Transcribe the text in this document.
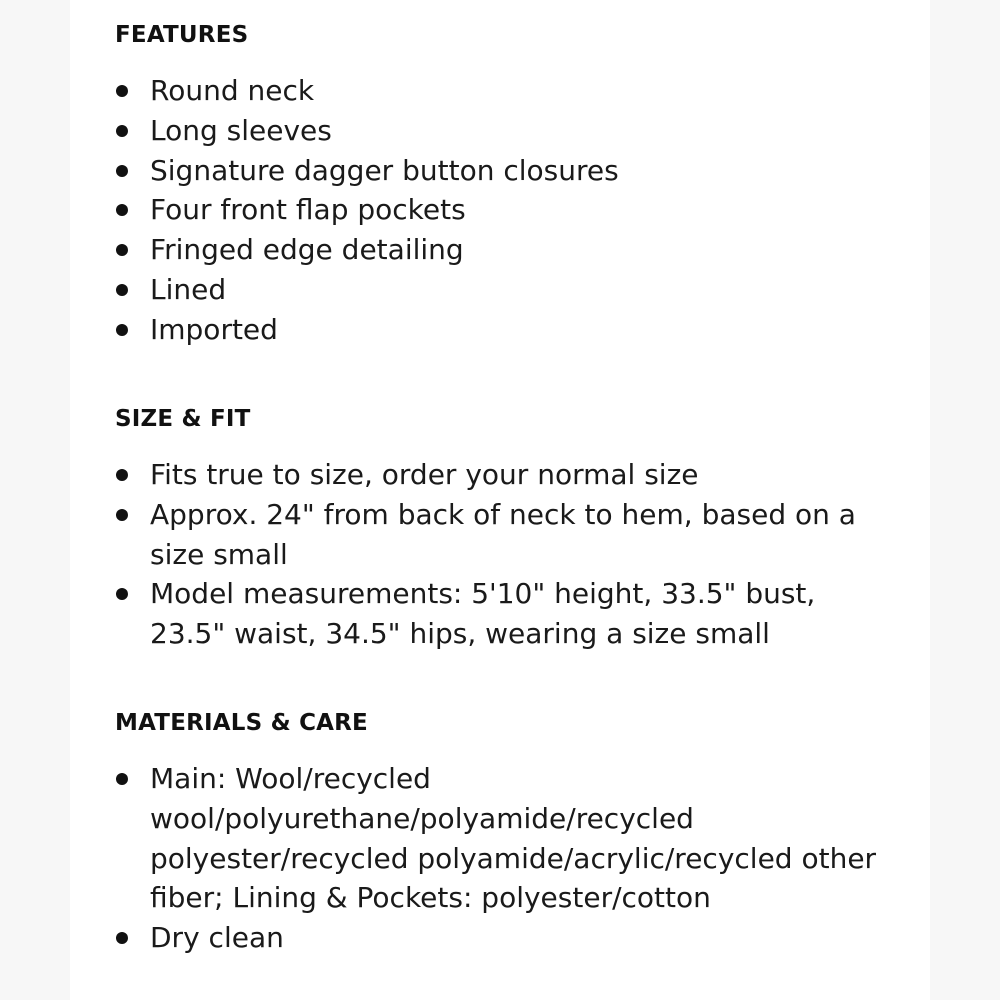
FEATURES
Round neck
Long sleeves
Signature dagger button closures
Four front flap pockets
Fringed edge detailing
Lined
Imported
SIZE & FIT
Fits true to size, order your normal size
Approx. 24" from back of neck to hem, based on a size small
Model measurements: 5'10" height, 33.5" bust, 23.5" waist, 34.5" hips, wearing a size small
MATERIALS & CARE
Main: Wool/recycled wool/polyurethane/polyamide/recycled polyester/recycled polyamide/acrylic/recycled other fiber; Lining & Pockets: polyester/cotton
Dry clean
